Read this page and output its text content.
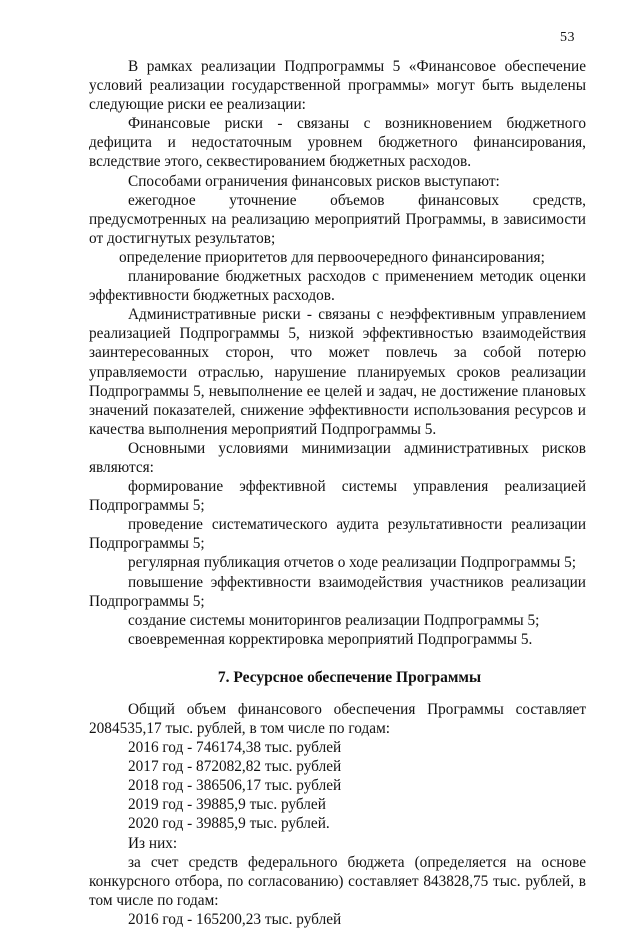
53

В рамках реализации Подпрограммы 5 «Финансовое обеспечение условий реализации государственной программы» могут быть выделены следующие риски ее реализации:

Финансовые риски - связаны с возникновением бюджетного дефицита и недостаточным уровнем бюджетного финансирования, вследствие этого, секвестированием бюджетных расходов.

Способами ограничения финансовых рисков выступают:

ежегодное уточнение объемов финансовых средств, предусмотренных на реализацию мероприятий Программы, в зависимости от достигнутых результатов;

определение приоритетов для первоочередного финансирования;

планирование бюджетных расходов с применением методик оценки эффективности бюджетных расходов.

Административные риски - связаны с неэффективным управлением реализацией Подпрограммы 5, низкой эффективностью взаимодействия заинтересованных сторон, что может повлечь за собой потерю управляемости отраслью, нарушение планируемых сроков реализации Подпрограммы 5, невыполнение ее целей и задач, не достижение плановых значений показателей, снижение эффективности использования ресурсов и качества выполнения мероприятий Подпрограммы 5.

Основными условиями минимизации административных рисков являются:

формирование эффективной системы управления реализацией Подпрограммы 5;

проведение систематического аудита результативности реализации Подпрограммы 5;

регулярная публикация отчетов о ходе реализации Подпрограммы 5;

повышение эффективности взаимодействия участников реализации Подпрограммы 5;

создание системы мониторингов реализации Подпрограммы 5;

своевременная корректировка мероприятий Подпрограммы 5.

7. Ресурсное обеспечение Программы

Общий объем финансового обеспечения Программы составляет 2084535,17 тыс. рублей, в том числе по годам:

2016 год - 746174,38 тыс. рублей
2017 год - 872082,82 тыс. рублей
2018 год - 386506,17 тыс. рублей
2019 год - 39885,9 тыс. рублей
2020 год - 39885,9 тыс. рублей.
Из них:

за счет средств федерального бюджета (определяется на основе конкурсного отбора, по согласованию) составляет 843828,75 тыс. рублей, в том числе по годам:

2016 год - 165200,23 тыс. рублей
